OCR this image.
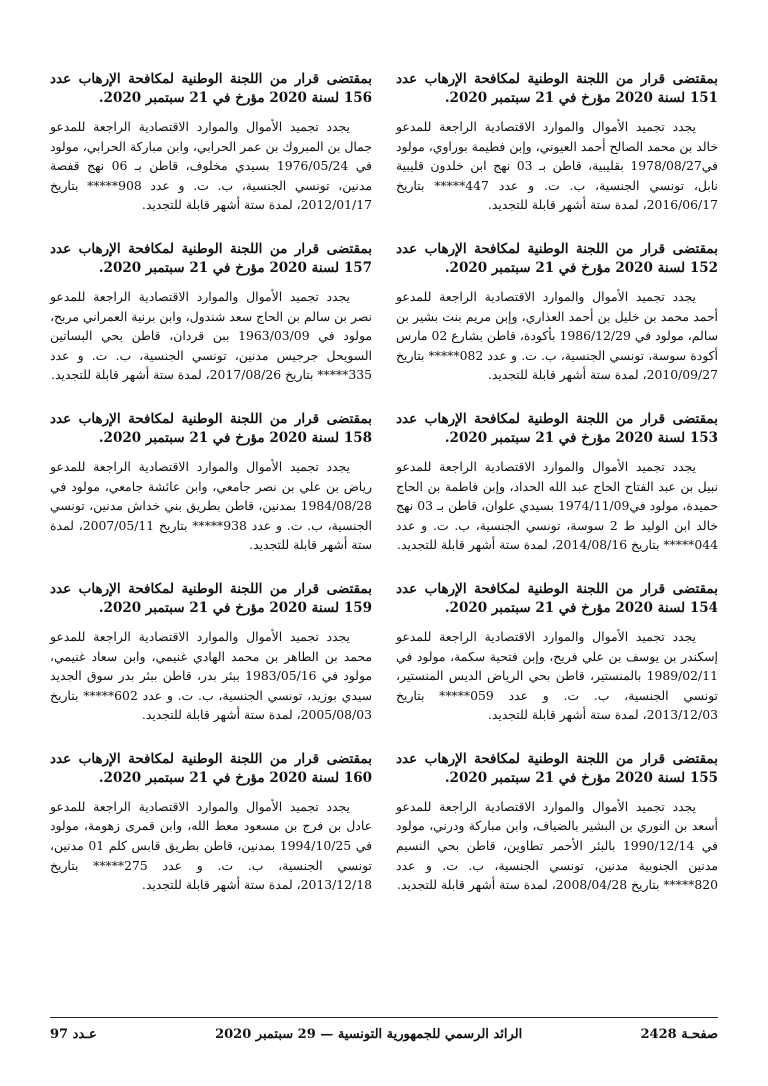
بمقتضى قرار من اللجنة الوطنية لمكافحة الإرهاب عدد 151 لسنة 2020 مؤرخ في 21 سبتمبر 2020.

يجدد تجميد الأموال والموارد الاقتصادية الراجعة للمدعو خالد بن محمد الصالح أحمد العيوني، وإبن فطيمة بوراوي، مولود في1978/08/27 بقليبية، قاطن بـ 03 نهج ابن خلدون قليبية نابل، تونسي الجنسية، ب. ت. و عدد 447***** بتاريخ 2016/06/17، لمدة ستة أشهر قابلة للتجديد.

بمقتضى قرار من اللجنة الوطنية لمكافحة الإرهاب عدد 152 لسنة 2020 مؤرخ في 21 سبتمبر 2020.

يجدد تجميد الأموال والموارد الاقتصادية الراجعة للمدعو أحمد محمد بن خليل بن أحمد العذاري، وإبن مريم بنت بشير بن سالم، مولود في 1986/12/29 بأكودة، قاطن بشارع 02 مارس أكودة سوسة، تونسي الجنسية، ب. ت. و عدد 082***** بتاريخ 2010/09/27، لمدة ستة أشهر قابلة للتجديد.

بمقتضى قرار من اللجنة الوطنية لمكافحة الإرهاب عدد 153 لسنة 2020 مؤرخ في 21 سبتمبر 2020.

يجدد تجميد الأموال والموارد الاقتصادية الراجعة للمدعو نبيل بن عبد الفتاح الحاج عبد الله الحداد، وإبن فاطمة بن الحاج حميدة، مولود في1974/11/09 بسيدي علوان، قاطن بـ 03 نهج خالد ابن الوليد ط 2 سوسة، تونسي الجنسية، ب. ت. و عدد 044***** بتاريخ 2014/08/16، لمدة ستة أشهر قابلة للتجديد.

بمقتضى قرار من اللجنة الوطنية لمكافحة الإرهاب عدد 154 لسنة 2020 مؤرخ في 21 سبتمبر 2020.

يجدد تجميد الأموال والموارد الاقتصادية الراجعة للمدعو إسكندر بن يوسف بن علي فريح، وإبن فتحية سكمة، مولود في 1989/02/11 بالمنستير، قاطن بحي الرياض الديس المنستير، تونسي الجنسية، ب. ت. و عدد 059***** بتاريخ 2013/12/03، لمدة ستة أشهر قابلة للتجديد.

بمقتضى قرار من اللجنة الوطنية لمكافحة الإرهاب عدد 155 لسنة 2020 مؤرخ في 21 سبتمبر 2020.

يجدد تجميد الأموال والموارد الاقتصادية الراجعة للمدعو أسعد بن النوري بن البشير بالضياف، وابن مباركة ودرني، مولود في 1990/12/14 بالبئر الأحمر تطاوين، قاطن بحي النسيم مدنين الجنوبية مدنين، تونسي الجنسية، ب. ت. و عدد 820***** بتاريخ 2008/04/28، لمدة ستة أشهر قابلة للتجديد.

بمقتضى قرار من اللجنة الوطنية لمكافحة الإرهاب عدد 156 لسنة 2020 مؤرخ في 21 سبتمبر 2020.

يجدد تجميد الأموال والموارد الاقتصادية الراجعة للمدعو جمال بن المبروك بن عمر الحرابي، وابن مباركة الحرابي، مولود في 1976/05/24 بسيدي مخلوف، قاطن بـ 06 نهج قفصة مدنين، تونسي الجنسية، ب. ت. و عدد 908***** بتاريخ 2012/01/17، لمدة ستة أشهر قابلة للتجديد.

بمقتضى قرار من اللجنة الوطنية لمكافحة الإرهاب عدد 157 لسنة 2020 مؤرخ في 21 سبتمبر 2020.

يجدد تجميد الأموال والموارد الاقتصادية الراجعة للمدعو نصر بن سالم بن الحاج سعد شندول، وابن برنية العمراني مربح، مولود في 1963/03/09 ببن قردان، قاطن بحي البساتين السويحل جرجيس مدنين، تونسي الجنسية، ب. ت. و عدد 335***** بتاريخ 2017/08/26، لمدة ستة أشهر قابلة للتجديد.

بمقتضى قرار من اللجنة الوطنية لمكافحة الإرهاب عدد 158 لسنة 2020 مؤرخ في 21 سبتمبر 2020.

يجدد تجميد الأموال والموارد الاقتصادية الراجعة للمدعو رياض بن علي بن نصر جامعي، وابن عائشة جامعي، مولود في 1984/08/28 بمدنين، قاطن بطريق بني خداش مدنين، تونسي الجنسية، ب. ت. و عدد 938***** بتاريخ 2007/05/11، لمدة ستة أشهر قابلة للتجديد.

بمقتضى قرار من اللجنة الوطنية لمكافحة الإرهاب عدد 159 لسنة 2020 مؤرخ في 21 سبتمبر 2020.

يجدد تجميد الأموال والموارد الاقتصادية الراجعة للمدعو محمد بن الطاهر بن محمد الهادي غنيمي، وابن سعاد غنيمي، مولود في 1983/05/16 ببئر بدر، قاطن ببئر بدر سوق الجديد سيدي بوزيد، تونسي الجنسية، ب. ت. و عدد 602***** بتاريخ 2005/08/03، لمدة ستة أشهر قابلة للتجديد.

بمقتضى قرار من اللجنة الوطنية لمكافحة الإرهاب عدد 160 لسنة 2020 مؤرخ في 21 سبتمبر 2020.

يجدد تجميد الأموال والموارد الاقتصادية الراجعة للمدعو عادل بن فرج بن مسعود معط الله، وابن قمرى زهومة، مولود في 1994/10/25 بمدنين، قاطن بطريق قابس كلم 01 مدنين، تونسي الجنسية، ب. ت. و عدد 275***** بتاريخ 2013/12/18، لمدة ستة أشهر قابلة للتجديد.

صفحـة 2428
الرائد الرسمي للجمهورية التونسية — 29 سبتمبر 2020
عـدد 97
